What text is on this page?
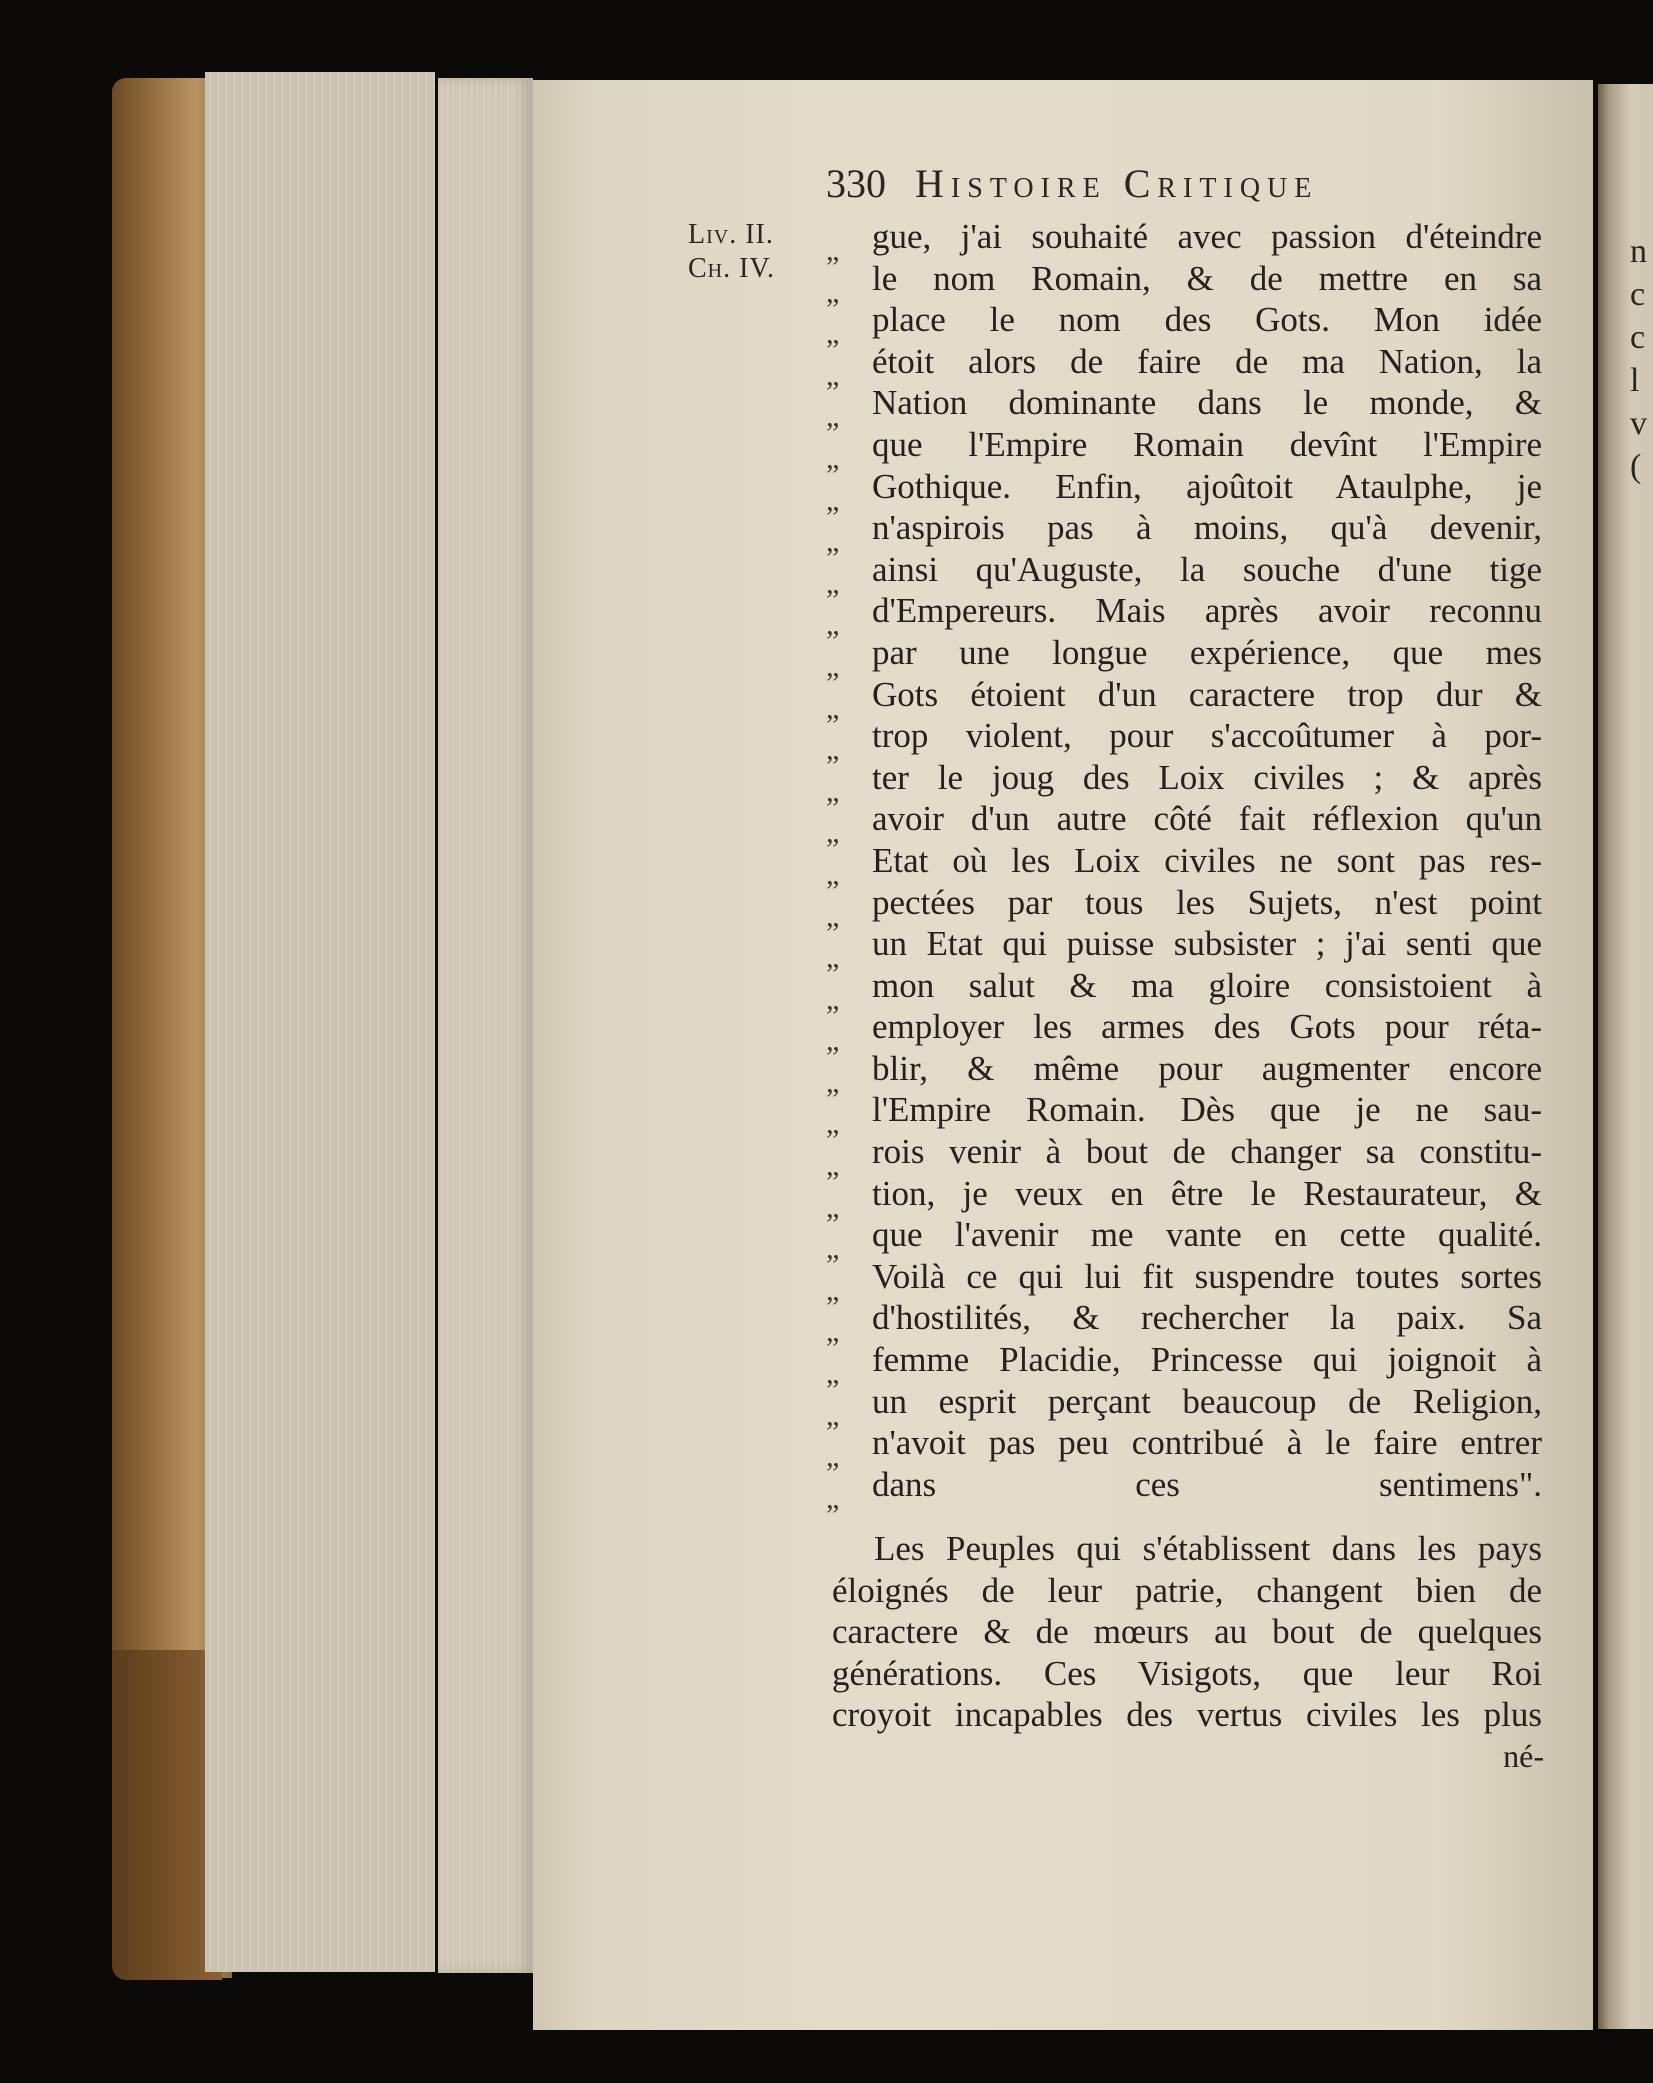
n
c
c
l
v
(
330 Histoire Critique
Liv. II.
Ch. IV.
„
„
„
„
„
„
„
„
„
„
„
„
„
„
„
„
„
„
„
„
„
„
„
„
„
„
„
„
„
„
„
gue, j'ai souhaité avec passion d'éteindre
le nom Romain, & de mettre en sa
place le nom des Gots. Mon idée
étoit alors de faire de ma Nation, la
Nation dominante dans le monde, &
que l'Empire Romain devînt l'Empire
Gothique. Enfin, ajoûtoit Ataulphe, je
n'aspirois pas à moins, qu'à devenir,
ainsi qu'Auguste, la souche d'une tige
d'Empereurs. Mais après avoir reconnu
par une longue expérience, que mes
Gots étoient d'un caractere trop dur &
trop violent, pour s'accoûtumer à por-
ter le joug des Loix civiles ; & après
avoir d'un autre côté fait réflexion qu'un
Etat où les Loix civiles ne sont pas res-
pectées par tous les Sujets, n'est point
un Etat qui puisse subsister ; j'ai senti que
mon salut & ma gloire consistoient à
employer les armes des Gots pour réta-
blir, & même pour augmenter encore
l'Empire Romain. Dès que je ne sau-
rois venir à bout de changer sa constitu-
tion, je veux en être le Restaurateur, &
que l'avenir me vante en cette qualité.
Voilà ce qui lui fit suspendre toutes sortes
d'hostilités, & rechercher la paix. Sa
femme Placidie, Princesse qui joignoit à
un esprit perçant beaucoup de Religion,
n'avoit pas peu contribué à le faire entrer
dans ces sentimens".
Les Peuples qui s'établissent dans les pays
éloignés de leur patrie, changent bien de
caractere & de mœurs au bout de quelques
générations. Ces Visigots, que leur Roi
croyoit incapables des vertus civiles les plus
né-
